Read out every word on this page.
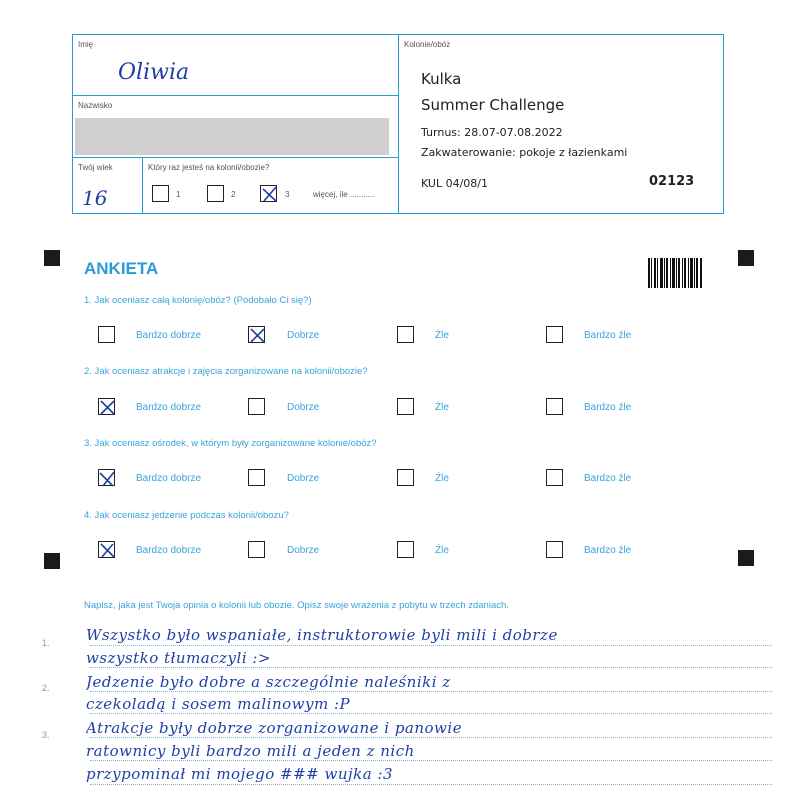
Imię
Oliwia
Nazwisko
Twój wiek
16
Który raz jesteś na kolonii/obozie?
1	2	3	więcej, ile ...........
Kolonie/obóz
Kulka
Summer Challenge
Turnus: 28.07-07.08.2022
Zakwaterowanie: pokoje z łazienkami
KUL 04/08/1	02123
ANKIETA
1. Jak oceniasz całą kolonię/obóz? (Podobało Ci się?)
Bardzo dobrze	Dobrze	Źle	Bardzo źle
2. Jak oceniasz atrakcje i zajęcia zorganizowane na kolonii/obozie?
Bardzo dobrze	Dobrze	Źle	Bardzo źle
3. Jak oceniasz ośrodek, w którym były zorganizowane kolonie/obóz?
Bardzo dobrze	Dobrze	Źle	Bardzo źle
4. Jak oceniasz jedzenie podczas kolonii/obozu?
Bardzo dobrze	Dobrze	Źle	Bardzo źle
Napisz, jaka jest Twoja opinia o kolonii lub obozie. Opisz swoje wrażenia z pobytu w trzech zdaniach.
1.
2.
3.
Wszystko było wspaniałe, instruktorowie byli mili i dobrze
wszystko tłumaczyli :>
Jedzenie było dobre a szczególnie naleśniki z
czekoladą i sosem malinowym :P
Atrakcje były dobrze zorganizowane i panowie
ratownicy byli bardzo mili a jeden z nich
przypominał mi mojego ### wujka :3
